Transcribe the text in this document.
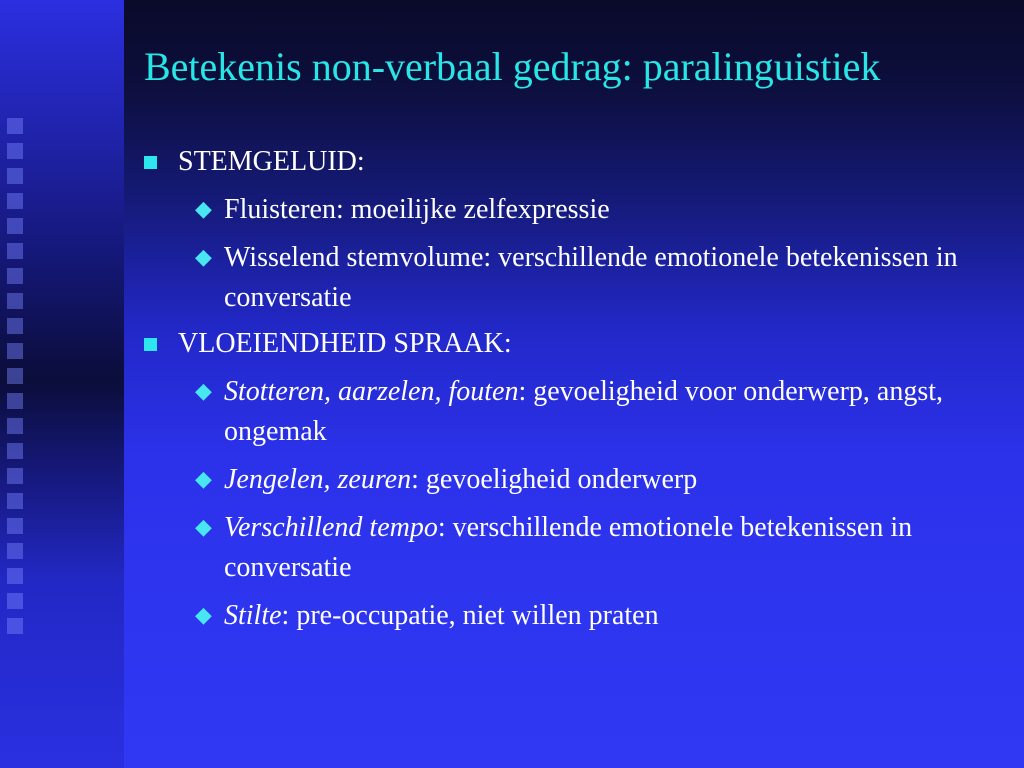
Betekenis non-verbaal gedrag: paralinguistiek
STEMGELUID:
◆ Fluisteren: moeilijke zelfexpressie
◆ Wisselend stemvolume: verschillende emotionele betekenissen in conversatie
VLOEIENDHEID SPRAAK:
◆ Stotteren, aarzelen, fouten: gevoeligheid voor onderwerp, angst, ongemak
◆ Jengelen, zeuren: gevoeligheid onderwerp
◆ Verschillend tempo: verschillende emotionele betekenissen in conversatie
◆ Stilte: pre-occupatie, niet willen praten
